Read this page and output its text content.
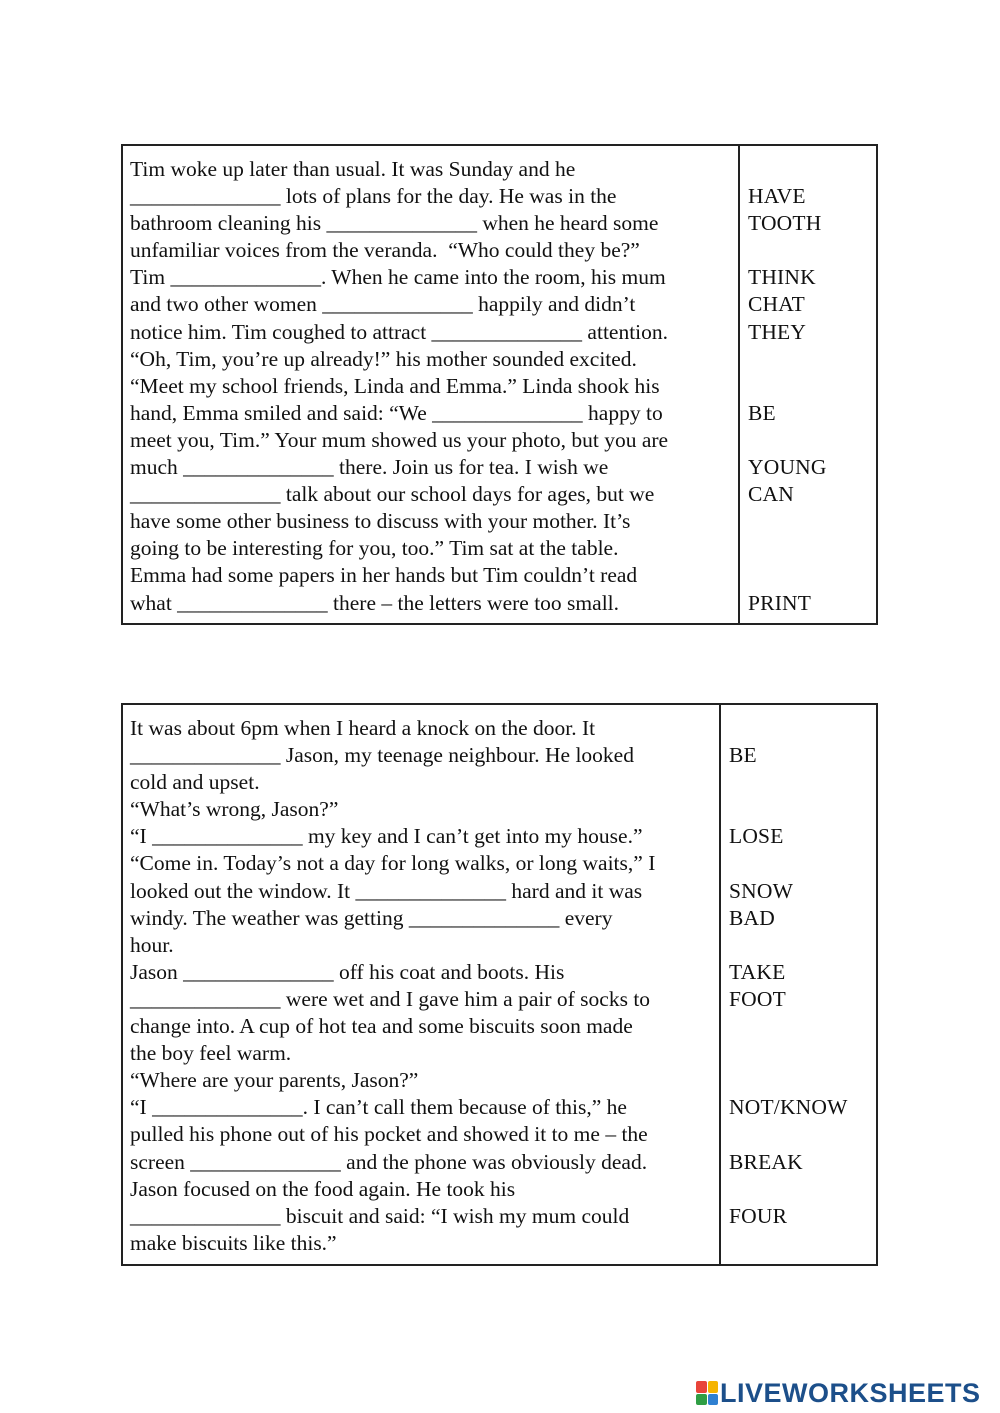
Tim woke up later than usual. It was Sunday and he
______________ lots of plans for the day. He was in the
bathroom cleaning his ______________ when he heard some
unfamiliar voices from the veranda.  “Who could they be?”
Tim ______________. When he came into the room, his mum
and two other women ______________ happily and didn’t
notice him. Tim coughed to attract ______________ attention.
“Oh, Tim, you’re up already!” his mother sounded excited.
“Meet my school friends, Linda and Emma.” Linda shook his
hand, Emma smiled and said: “We ______________ happy to
meet you, Tim.” Your mum showed us your photo, but you are
much ______________ there. Join us for tea. I wish we
______________ talk about our school days for ages, but we
have some other business to discuss with your mother. It’s
going to be interesting for you, too.” Tim sat at the table.
Emma had some papers in her hands but Tim couldn’t read
what ______________ there – the letters were too small.
HAVE
TOOTH
THINK
CHAT
THEY
BE
YOUNG
CAN
PRINT
It was about 6pm when I heard a knock on the door. It
______________ Jason, my teenage neighbour. He looked
cold and upset.
“What’s wrong, Jason?”
“I ______________ my key and I can’t get into my house.”
“Come in. Today’s not a day for long walks, or long waits,” I
looked out the window. It ______________ hard and it was
windy. The weather was getting ______________ every
hour.
Jason ______________ off his coat and boots. His
______________ were wet and I gave him a pair of socks to
change into. A cup of hot tea and some biscuits soon made
the boy feel warm.
“Where are your parents, Jason?”
“I ______________. I can’t call them because of this,” he
pulled his phone out of his pocket and showed it to me – the
screen ______________ and the phone was obviously dead.
Jason focused on the food again. He took his
______________ biscuit and said: “I wish my mum could
make biscuits like this.”
BE
LOSE
SNOW
BAD
TAKE
FOOT
NOT/KNOW
BREAK
FOUR
LIVEWORKSHEETS
